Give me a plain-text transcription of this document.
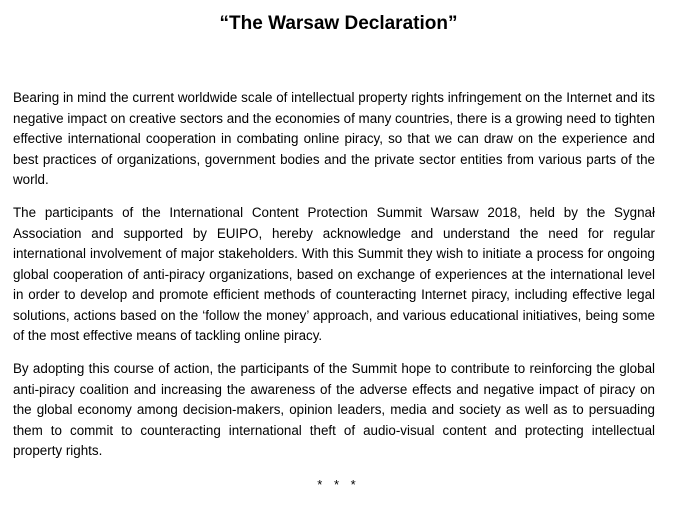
“The Warsaw Declaration”

Bearing in mind the current worldwide scale of intellectual property rights infringement on the Internet and its negative impact on creative sectors and the economies of many countries, there is a growing need to tighten effective international cooperation in combating online piracy, so that we can draw on the experience and best practices of organizations, government bodies and the private sector entities from various parts of the world.

The participants of the International Content Protection Summit Warsaw 2018, held by the Sygnał Association and supported by EUIPO, hereby acknowledge and understand the need for regular international involvement of major stakeholders. With this Summit they wish to initiate a process for ongoing global cooperation of anti-piracy organizations, based on exchange of experiences at the international level in order to develop and promote efficient methods of counteracting Internet piracy, including effective legal solutions, actions based on the ‘follow the money’ approach, and various educational initiatives, being some of the most effective means of tackling online piracy.

By adopting this course of action, the participants of the Summit hope to contribute to reinforcing the global anti-piracy coalition and increasing the awareness of the adverse effects and negative impact of piracy on the global economy among decision-makers, opinion leaders, media and society as well as to persuading them to commit to counteracting international theft of audio-visual content and protecting intellectual property rights.

* * *
